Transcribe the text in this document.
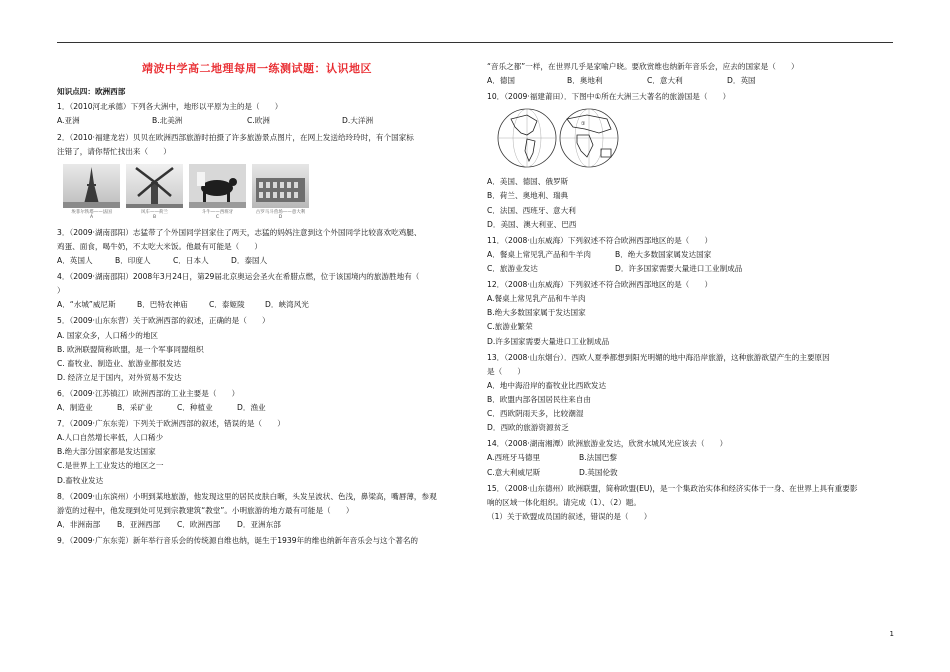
靖波中学高二地理每周一练测试题：认识地区
知识点四：欧洲西部

1．（2010河北承德）下列各大洲中，地形以平原为主的是（　　）

A.亚洲	B.北美洲	C.欧洲	D.大洋洲

2．（2010·福建龙岩）贝贝在欧洲西部旅游时拍摄了许多旅游景点图片，在网上发送给玲玲时，有个国家标

注错了，请你帮忙找出来（　　）

埃菲尔铁塔——法国
A
风车——荷兰
B
斗牛——西班牙
C
古罗马斗兽场——意大利
D

3．（2009·湖南邵阳）志猛带了个外国同学回家住了两天，志猛的妈妈注意到这个外国同学比较喜欢吃鸡腿、

鸡蛋、面食，喝牛奶，不太吃大米饭。他最有可能是（　　）

A．英国人	B．印度人	C．日本人	D．泰国人

4．（2009·湖南邵阳）2008年3月24日，第29届北京奥运会圣火在希腊点燃，位于该国境内的旅游胜地有（

）

A．“水城”威尼斯	B．巴特农神庙	C．泰姬陵	D．峡湾风光

5．（2009·山东东营）关于欧洲西部的叙述，正确的是（　　）

A. 国家众多，人口稀少的地区

B. 欧洲联盟简称欧盟，是一个军事同盟组织

C. 畜牧业、制造业、旅游业都很发达

D. 经济立足于国内，对外贸易不发达

6．（2009·江苏镇江）欧洲西部的工业主要是（　　）

A．制造业	B．采矿业	C．种植业	D．渔业

7．（2009·广东东莞）下列关于欧洲西部的叙述，错误的是（　　）

A.人口自然增长率低，人口稀少

B.绝大部分国家都是发达国家

C.是世界上工业发达的地区之一

D.畜牧业发达

8．（2009·山东滨州）小明到某地旅游，他发现这里的居民皮肤白晰，头发呈波状、色浅，鼻梁高，嘴唇薄，参观

游览的过程中，他发现到处可见到宗教建筑“教堂”。小明旅游的地方最有可能是（　　）

A．非洲南部	B．亚洲西部	C．欧洲西部	D．亚洲东部

9．（2009·广东东莞）新年举行音乐会的传统源自维也纳，诞生于1939年的维也纳新年音乐会与这个著名的

“音乐之都”一样，在世界几乎是家喻户晓。要欣赏维也纳新年音乐会，应去的国家是（　　）

A．德国	B．奥地利	C．意大利	D．英国

10．（2009·福建莆田）．下图中①所在大洲三大著名的旅游国是（　　）

①

A．美国、德国、俄罗斯

B．荷兰、奥地利、瑞典

C．法国、西班牙、意大利

D．美国、澳大利亚、巴西

11．（2008·山东威海）下列叙述不符合欧洲西部地区的是（　　）

A．餐桌上常见乳产品和牛羊肉	B．绝大多数国家属发达国家
C．旅游业发达	D．许多国家需要大量进口工业制成品

12．（2008·山东威海）下列叙述不符合欧洲西部地区的是（　　）

A.餐桌上常见乳产品和牛羊肉

B.绝大多数国家属于发达国家

C.旅游业繁荣

D.许多国家需要大量进口工业制成品

13．（2008·山东烟台）．西欧人夏季都想到阳光明媚的地中海沿岸旅游，这种旅游欲望产生的主要原因

是（　　）

A．地中海沿岸的畜牧业比西欧发达

B．欧盟内部各国居民往来自由

C．西欧阴雨天多，比较潮湿

D．西欧的旅游资源贫乏

14．（2008·湖南湘潭）欧洲旅游业发达，欣赏水城风光应该去（　　）

A.西班牙马德里	B.法国巴黎
C.意大利威尼斯	D.英国伦敦

15．（2008·山东德州）欧洲联盟，简称欧盟(EU)，是一个集政治实体和经济实体于一身、在世界上具有重要影

响的区域一体化组织。请完成（1）、（2）题。

（1）关于欧盟成员国的叙述，错误的是（　　）

1
